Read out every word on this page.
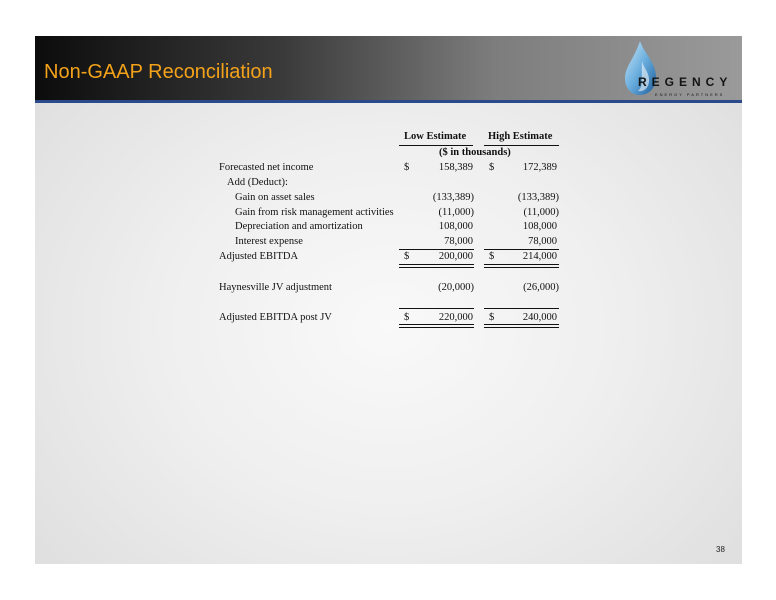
Non-GAAP Reconciliation	REGENCY
ENERGY PARTNERS
38
Low Estimate High Estimate
($ in thousands)
Forecasted net income	$	158,389 $	172,389
Add (Deduct):
Gain on asset sales	(133,389)	(133,389)
Gain from risk management activities	(11,000)	(11,000)
Depreciation and amortization	108,000	108,000
Interest expense	78,000	78,000
Adjusted EBITDA	$	200,000 $	214,000
Haynesville JV adjustment	(20,000)	(26,000)
Adjusted EBITDA post JV	$	220,000 $	240,000
